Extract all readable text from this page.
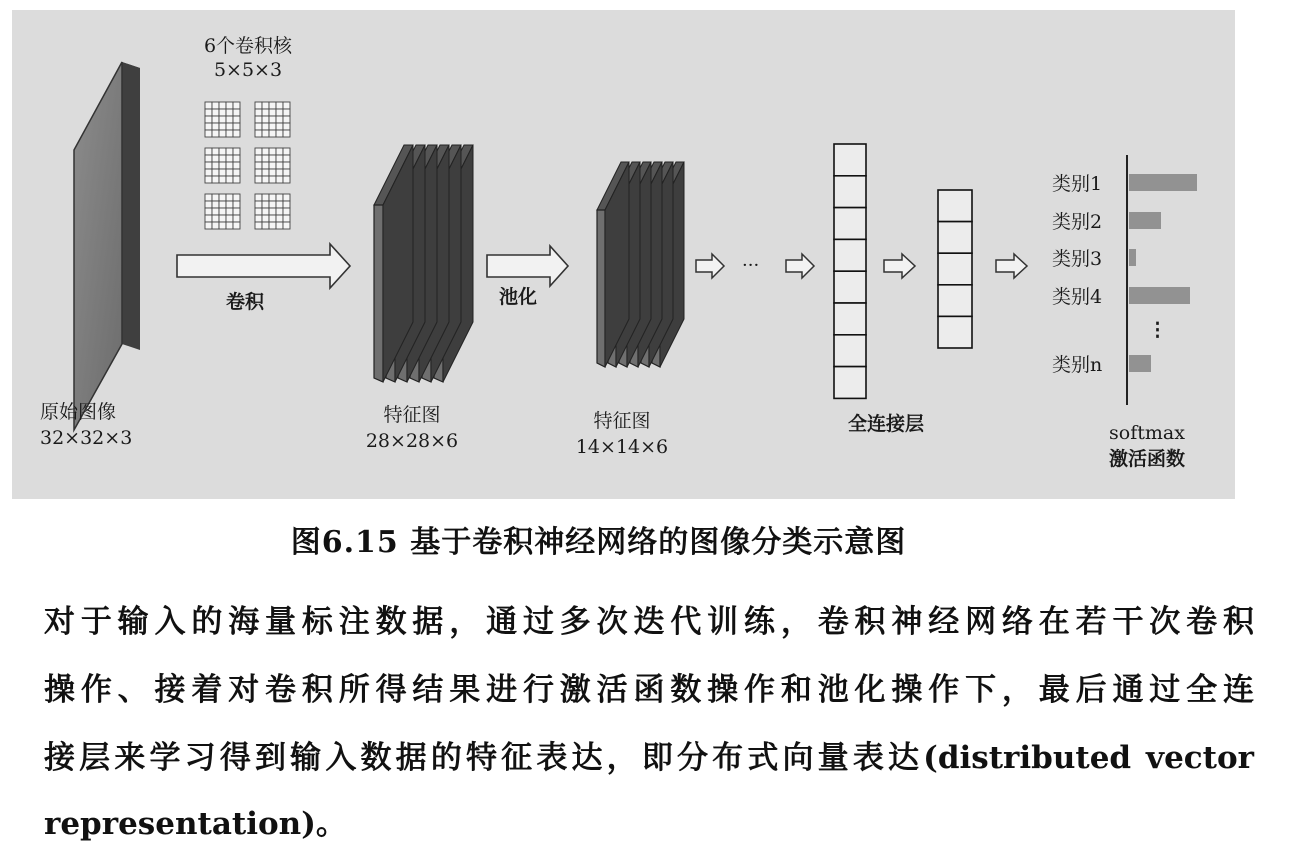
6个卷积核
5×5×3
卷积	池化
···
原始图像
32×32×3
特征图
28×28×6
特征图
14×14×6
全连接层
类别1
类别2
类别3
类别4
⋮
类别n
softmax
激活函数
图6.15 基于卷积神经网络的图像分类示意图
对于输入的海量标注数据，通过多次迭代训练，卷积神经网络在若干次卷积
操作、接着对卷积所得结果进行激活函数操作和池化操作下，最后通过全连
接层来学习得到输入数据的特征表达，即分布式向量表达(distributed vector
representation)。
